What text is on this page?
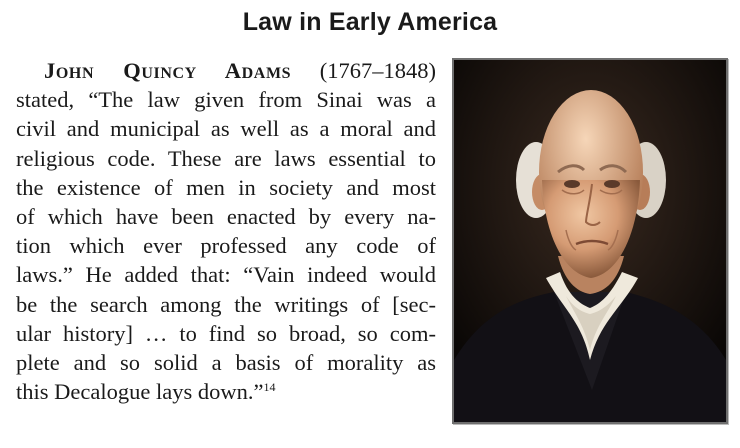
Law in Early America
John Quincy Adams (1767–1848)
stated, “The law given from Sinai was a
civil and municipal as well as a moral and
religious code. These are laws essential to
the existence of men in society and most
of which have been enacted by every na-
tion which ever professed any code of
laws.” He added that: “Vain indeed would
be the search among the writings of [sec-
ular history] … to find so broad, so com-
plete and so solid a basis of morality as
this Decalogue lays down.”$^{14}$
